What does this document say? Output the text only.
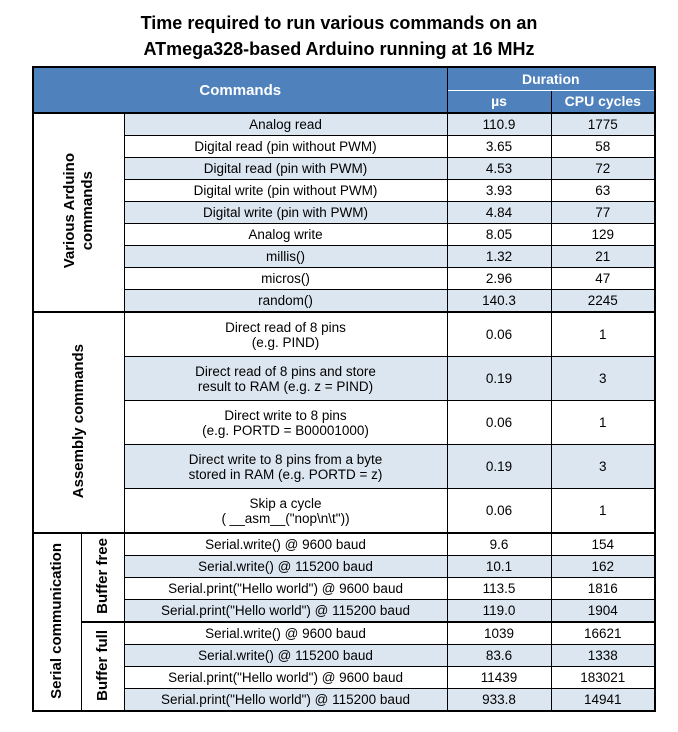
Time required to run various commands on an
ATmega328-based Arduino running at 16 MHz
Commands			Duration	
			µs	CPU cycles
Various Arduino
commands		Analog read	110.9	1775
		Digital read (pin without PWM)	3.65	58
		Digital read (pin with PWM)	4.53	72
		Digital write (pin without PWM)	3.93	63
		Digital write (pin with PWM)	4.84	77
		Analog write	8.05	129
		millis()	1.32	21
		micros()	2.96	47
		random()	140.3	2245
Assembly commands		Direct read of 8 pins
(e.g. PIND)	0.06	1
		Direct read of 8 pins and store
result to RAM (e.g. z = PIND)	0.19	3
		Direct write to 8 pins
(e.g. PORTD = B00001000)	0.06	1
		Direct write to 8 pins from a byte
stored in RAM (e.g. PORTD = z)	0.19	3
		Skip a cycle
( __asm__("nop\n\t"))	0.06	1
Serial communication	Buffer free	Serial.write() @ 9600 baud	9.6	154
		Serial.write() @ 115200 baud	10.1	162
		Serial.print("Hello world") @ 9600 baud	113.5	1816
		Serial.print("Hello world") @ 115200 baud	119.0	1904
	Buffer full	Serial.write() @ 9600 baud	1039	16621
		Serial.write() @ 115200 baud	83.6	1338
		Serial.print("Hello world") @ 9600 baud	11439	183021
		Serial.print("Hello world") @ 115200 baud	933.8	14941
